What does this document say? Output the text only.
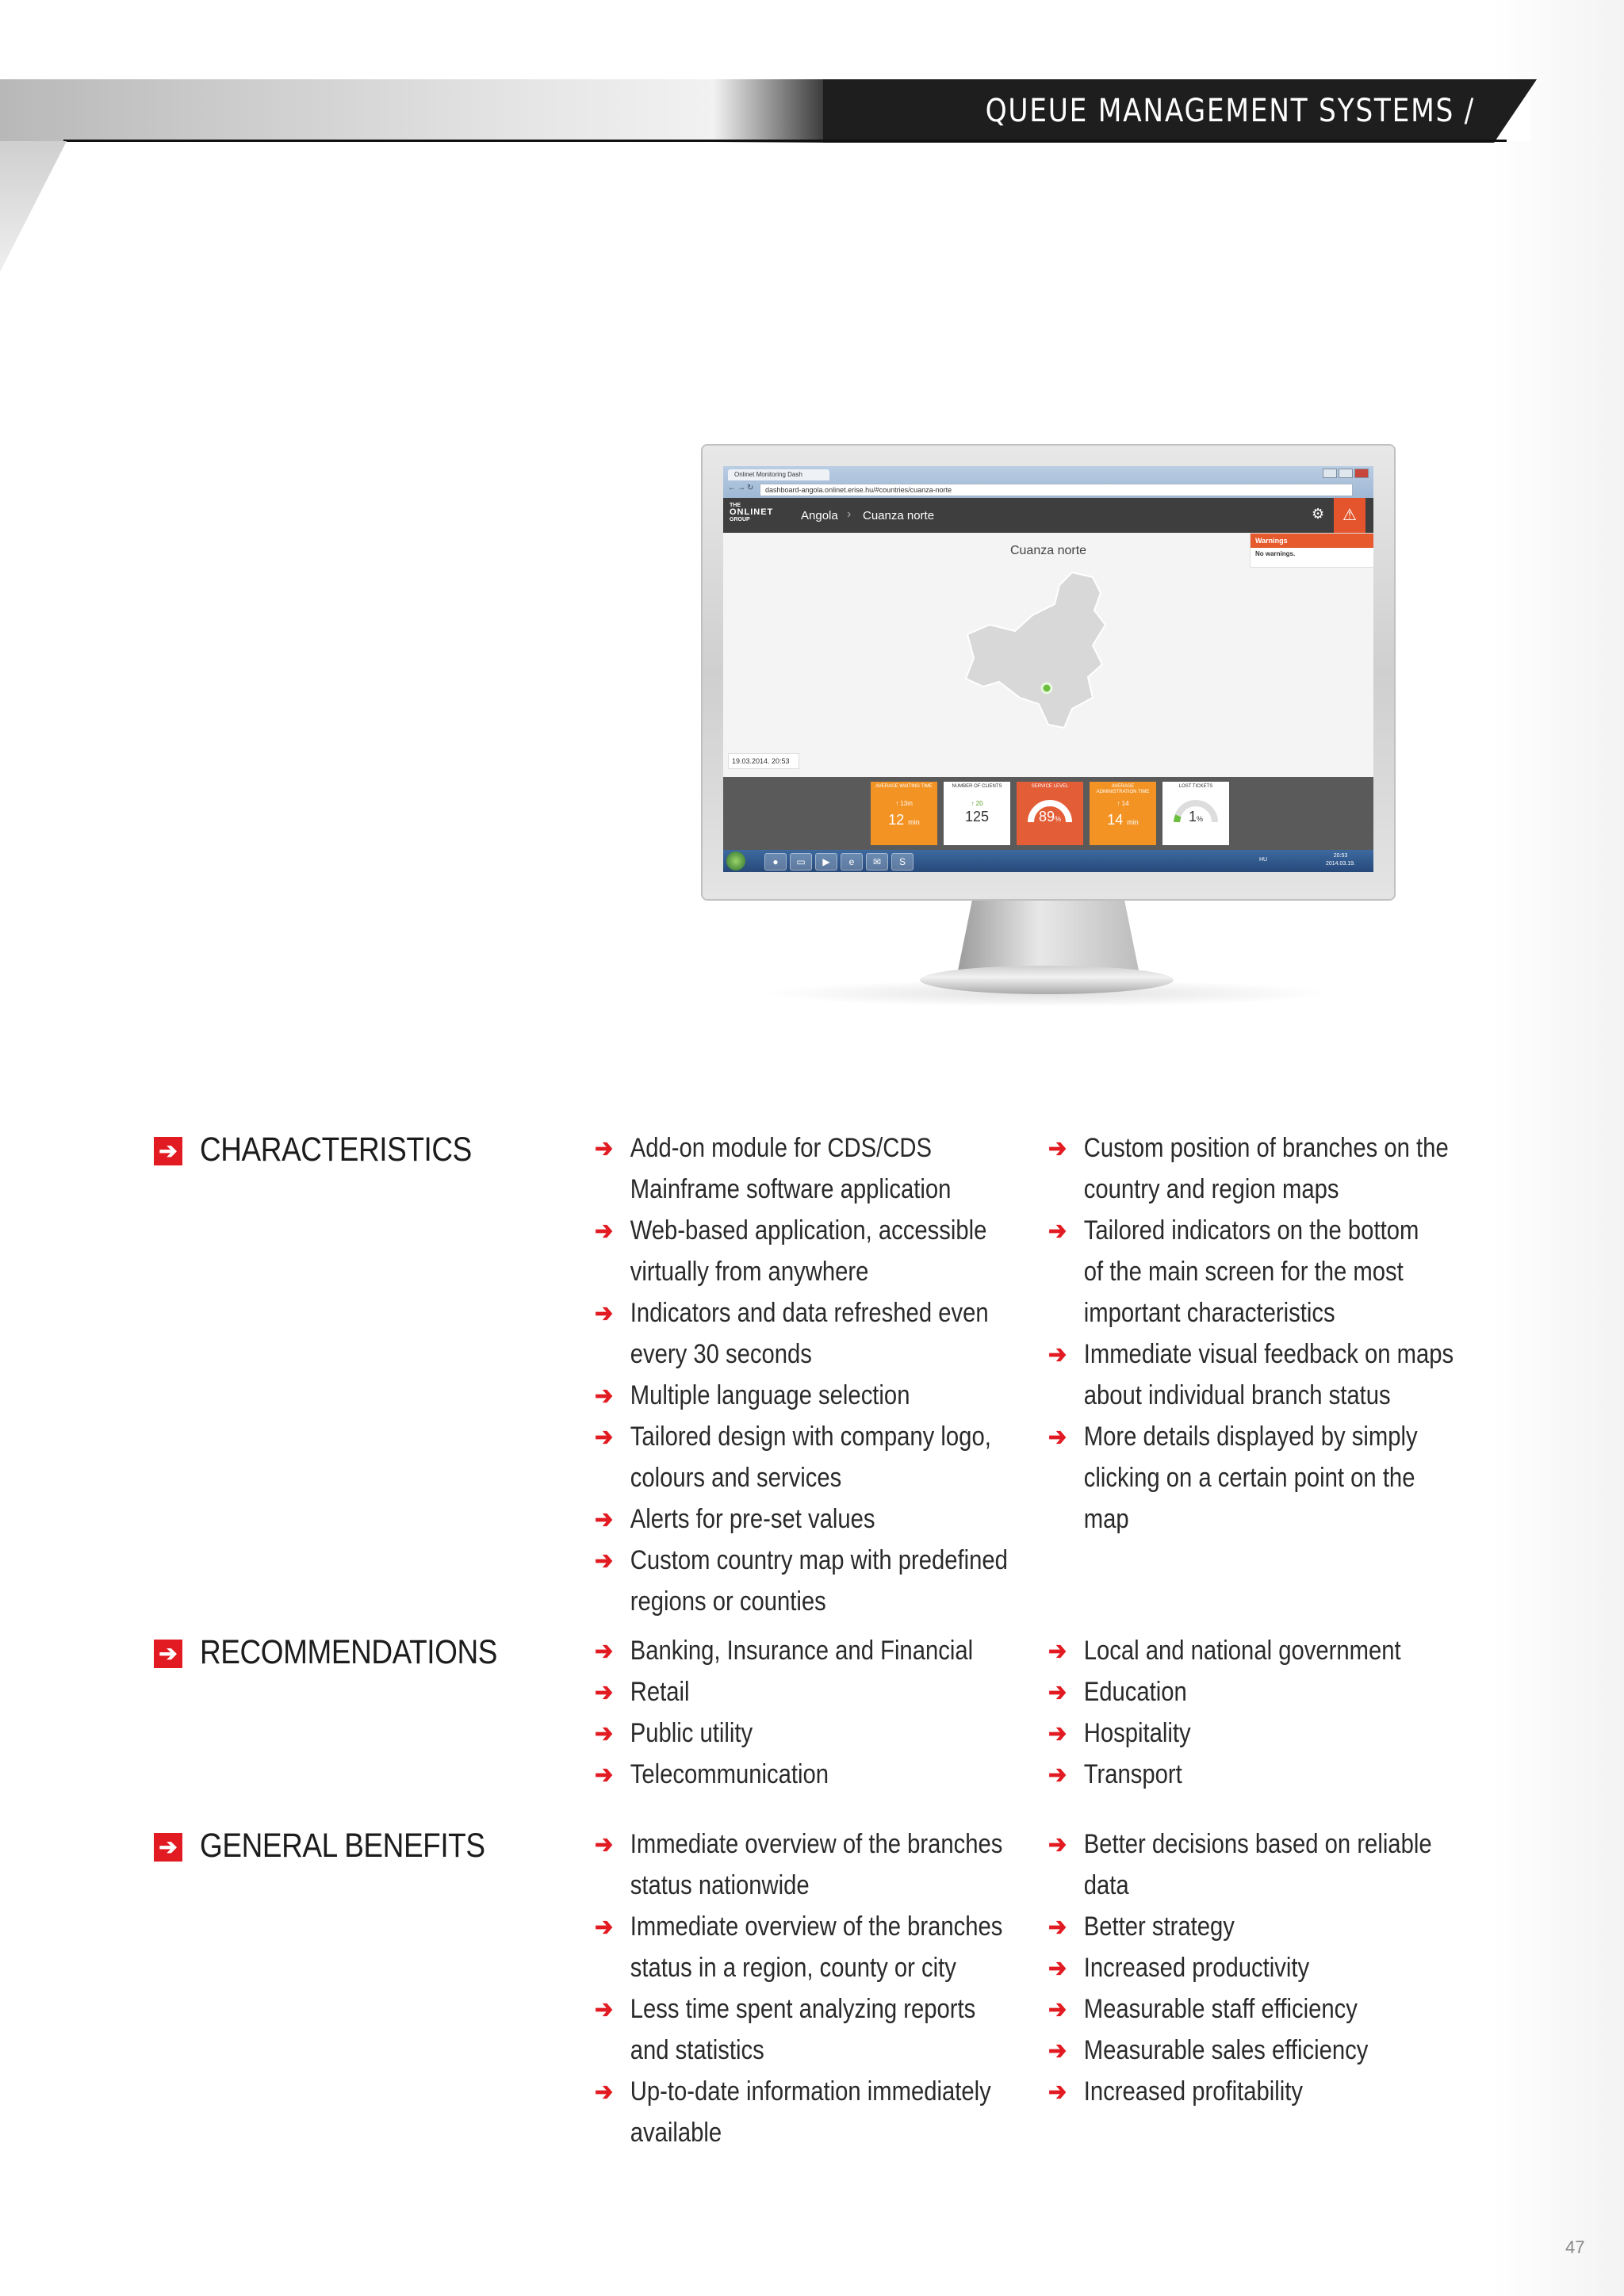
QUEUE MANAGEMENT SYSTEMS / SOFTWARE
Onlinet Monitoring Dash
← → ↻	dashboard-angola.onlinet.erise.hu/#countries/cuanza-norte
THE
ONLINET
GROUP	Angola › Cuanza norte	⚙	⚠
Warnings
No warnings.
Cuanza norte
19.03.2014. 20:53
AVERAGE WAITING TIME
↑ 13m
12 min
NUMBER OF CLIENTS
↑ 20
125
SERVICE LEVEL
89%
AVERAGE ADMINISTRATION TIME
↑ 14
14 min
LOST TICKETS
1%
●	▭	▶	e	✉	S	HU
20:53
2014.03.19.
➔ CHARACTERISTICS	➔ Add-on module for CDS/CDS
Mainframe software application
➔ Web-based application, accessible
virtually from anywhere
➔ Indicators and data refreshed even
every 30 seconds
➔ Multiple language selection
➔ Tailored design with company logo,
colours and services
➔ Alerts for pre-set values
➔ Custom country map with predefined
regions or counties
➔ Custom position of branches on the
country and region maps
➔ Tailored indicators on the bottom
of the main screen for the most
important characteristics
➔ Immediate visual feedback on maps
about individual branch status
➔ More details displayed by simply
clicking on a certain point on the
map
➔ RECOMMENDATIONS	➔ Banking, Insurance and Financial
➔ Retail
➔ Public utility
➔ Telecommunication
➔ Local and national government
➔ Education
➔ Hospitality
➔ Transport
➔ GENERAL BENEFITS	➔ Immediate overview of the branches
status nationwide
➔ Immediate overview of the branches
status in a region, county or city
➔ Less time spent analyzing reports
and statistics
➔ Up-to-date information immediately
available
➔ Better decisions based on reliable
data
➔ Better strategy
➔ Increased productivity
➔ Measurable staff efficiency
➔ Measurable sales efficiency
➔ Increased profitability
47
